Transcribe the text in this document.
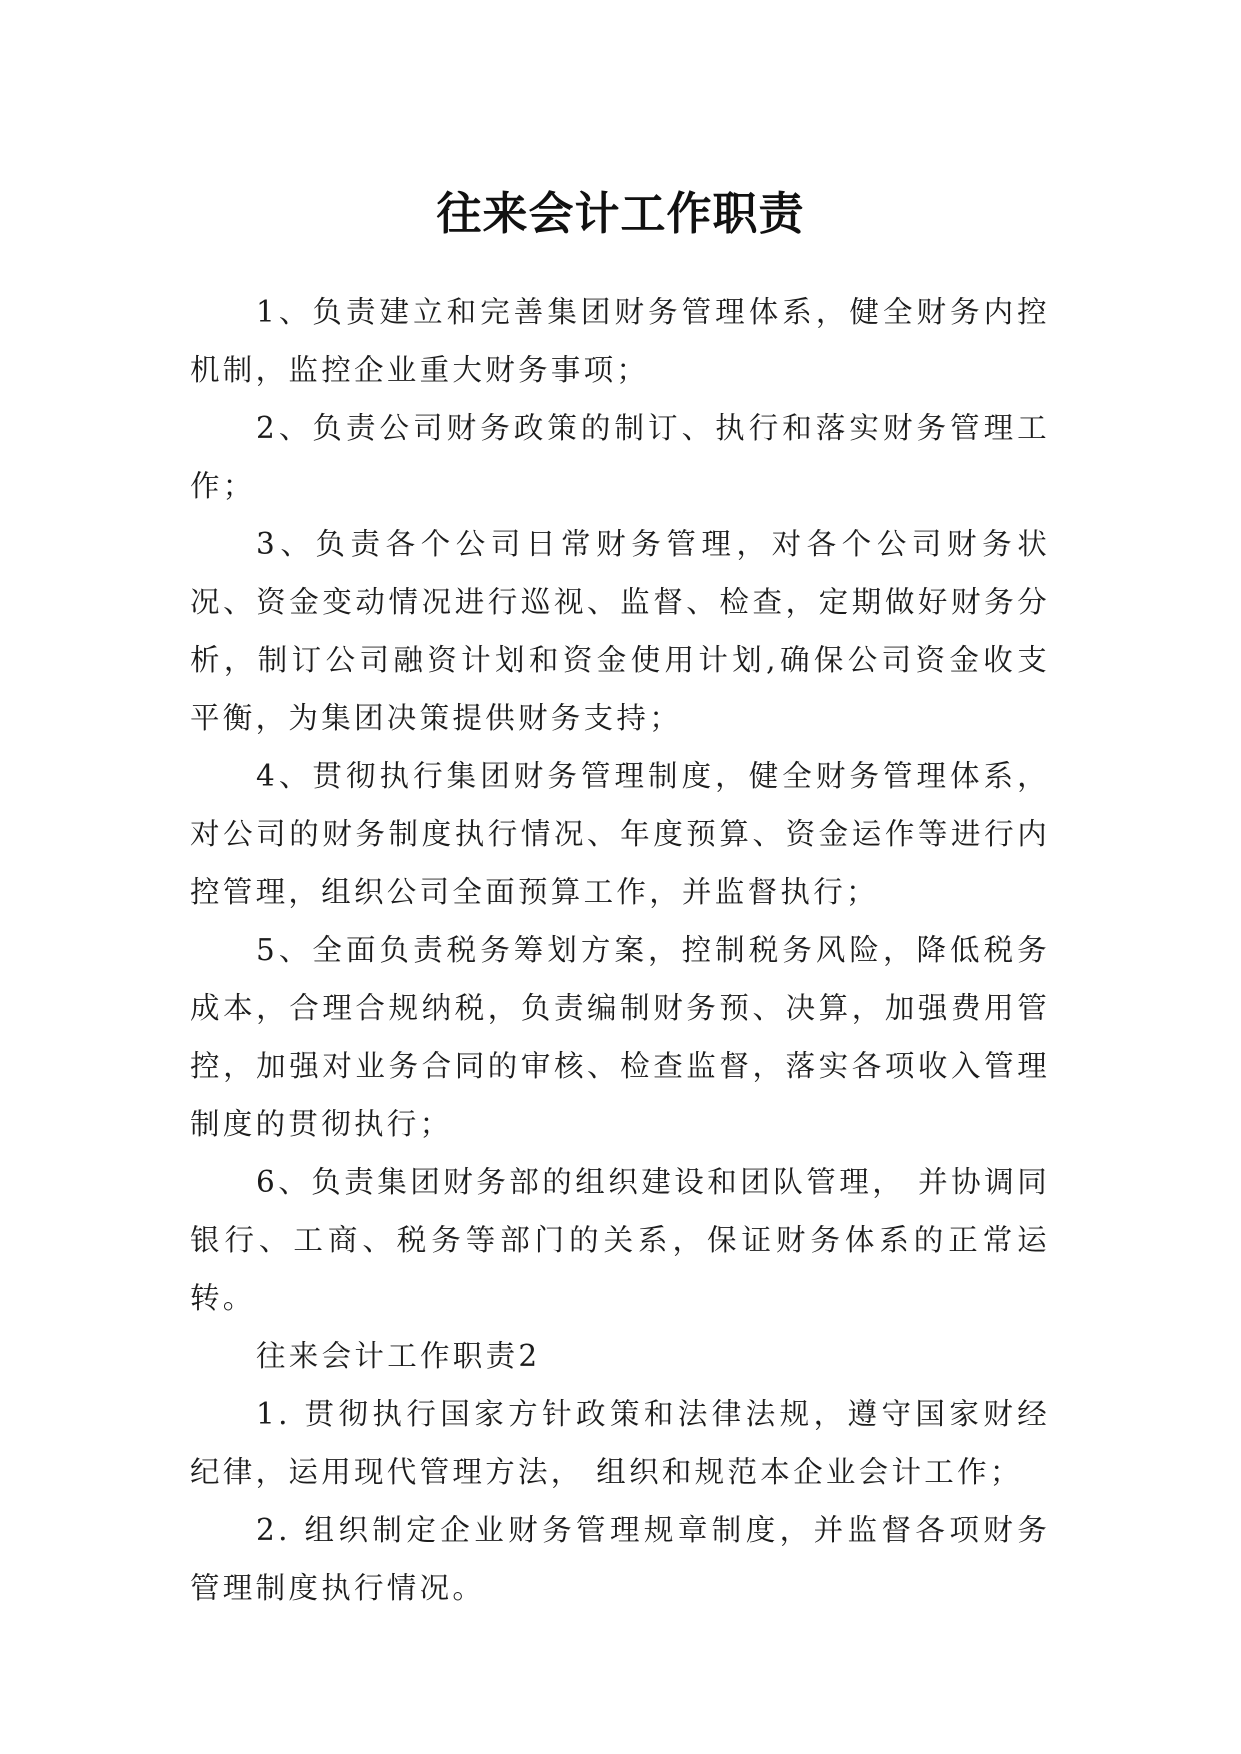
往来会计工作职责

1、负责建立和完善集团财务管理体系，健全财务内控机制，监控企业重大财务事项；

2、负责公司财务政策的制订、执行和落实财务管理工作；

3、负责各个公司日常财务管理，对各个公司财务状况、资金变动情况进行巡视、监督、检查，定期做好财务分析，制订公司融资计划和资金使用计划,确保公司资金收支平衡，为集团决策提供财务支持；

4、贯彻执行集团财务管理制度，健全财务管理体系，对公司的财务制度执行情况、年度预算、资金运作等进行内控管理，组织公司全面预算工作，并监督执行；

5、全面负责税务筹划方案，控制税务风险，降低税务成本，合理合规纳税，负责编制财务预、决算，加强费用管控，加强对业务合同的审核、检查监督，落实各项收入管理制度的贯彻执行；

6、负责集团财务部的组织建设和团队管理， 并协调同银行、工商、税务等部门的关系，保证财务体系的正常运转。

往来会计工作职责2

1. 贯彻执行国家方针政策和法律法规，遵守国家财经纪律，运用现代管理方法， 组织和规范本企业会计工作；

2. 组织制定企业财务管理规章制度，并监督各项财务管理制度执行情况。
